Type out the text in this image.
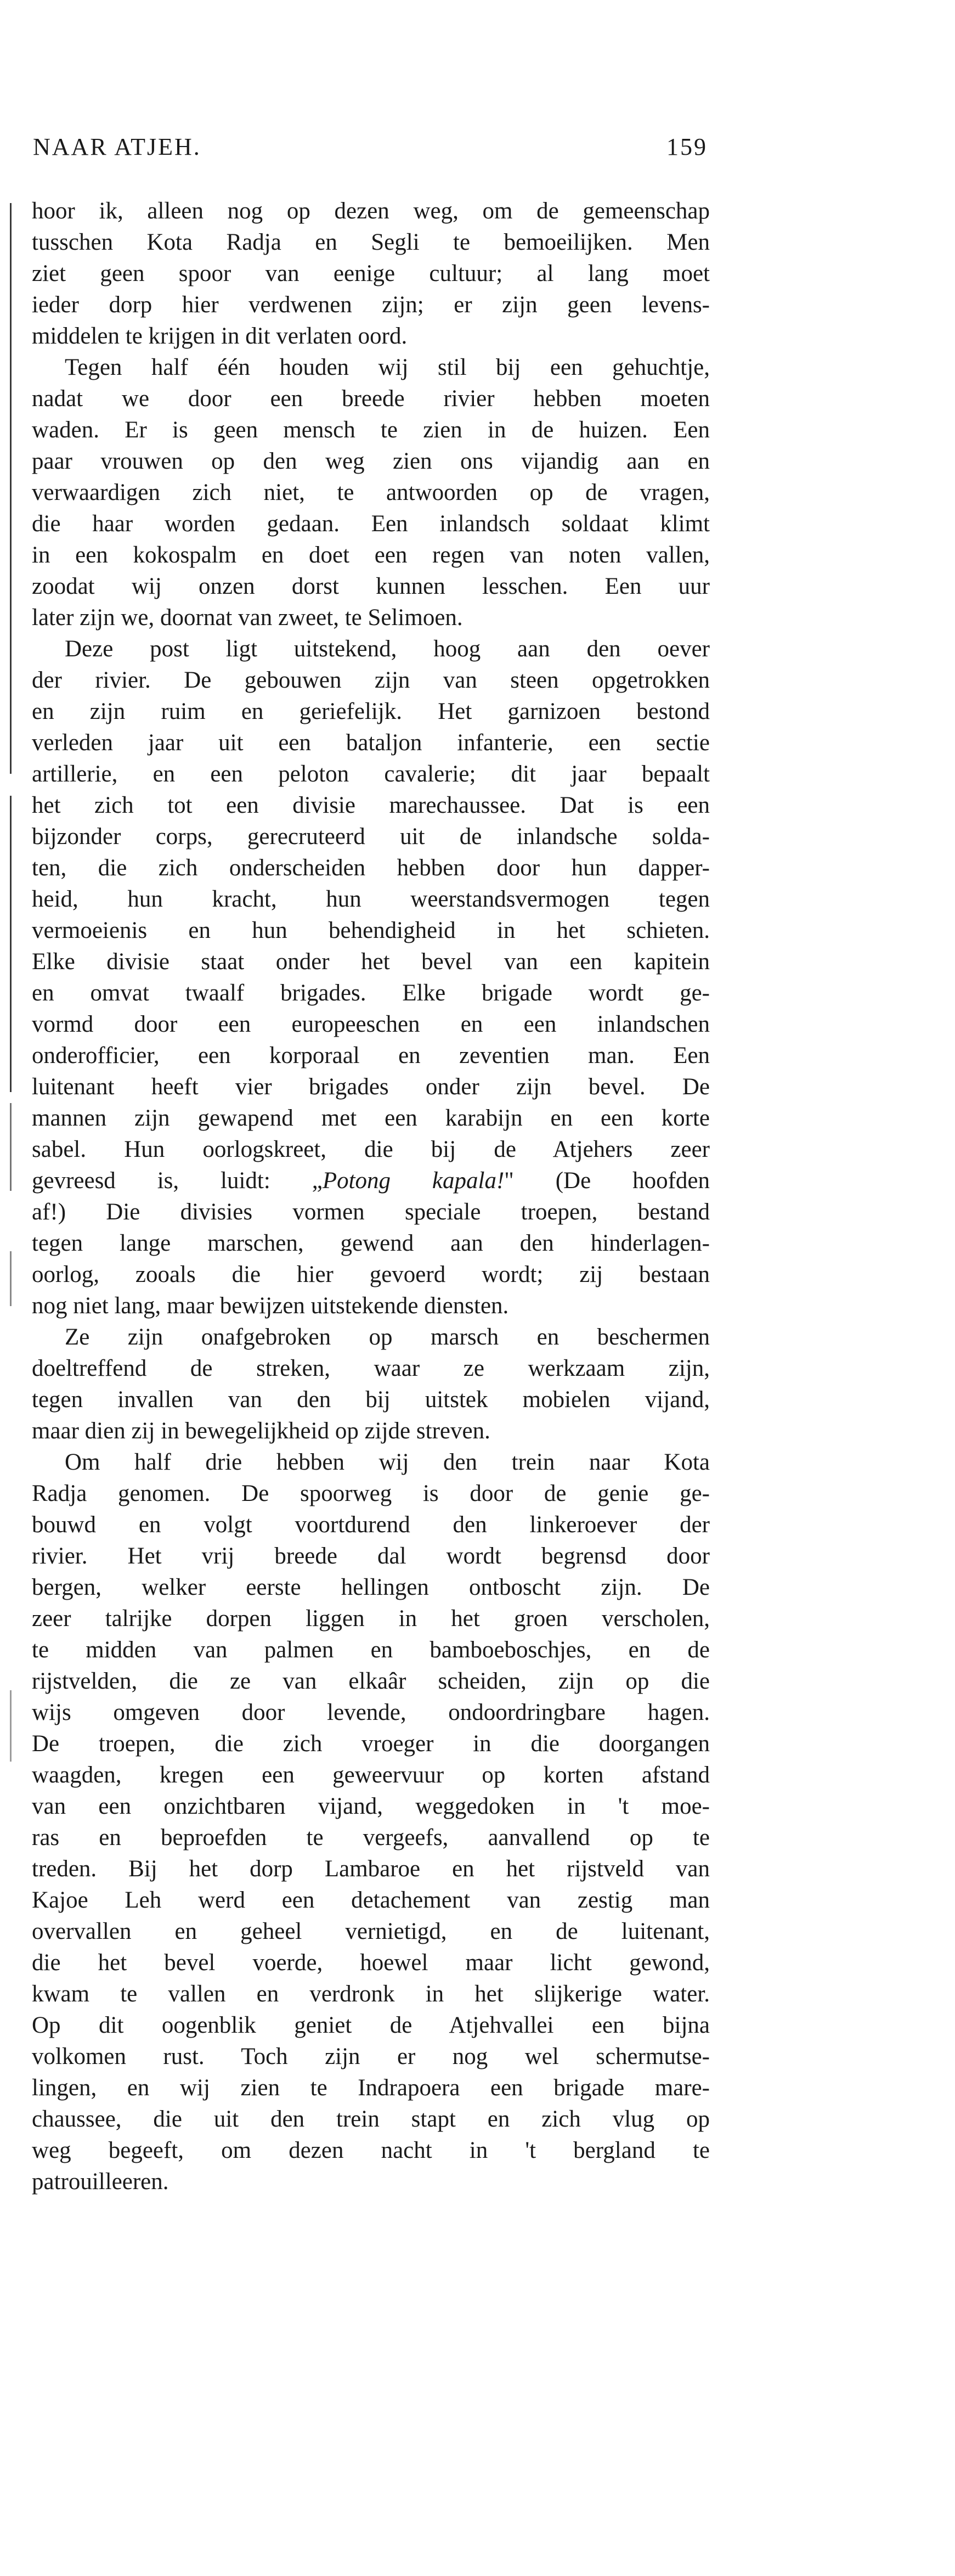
NAAR ATJEH.	159
hoor ik, alleen nog op dezen weg, om de gemeenschap
tusschen Kota Radja en Segli te bemoeilijken. Men
ziet geen spoor van eenige cultuur; al lang moet
ieder dorp hier verdwenen zijn; er zijn geen levens-
middelen te krijgen in dit verlaten oord.
Tegen half één houden wij stil bij een gehuchtje,
nadat we door een breede rivier hebben moeten
waden. Er is geen mensch te zien in de huizen. Een
paar vrouwen op den weg zien ons vijandig aan en
verwaardigen zich niet, te antwoorden op de vragen,
die haar worden gedaan. Een inlandsch soldaat klimt
in een kokospalm en doet een regen van noten vallen,
zoodat wij onzen dorst kunnen lesschen. Een uur
later zijn we, doornat van zweet, te Selimoen.
Deze post ligt uitstekend, hoog aan den oever
der rivier. De gebouwen zijn van steen opgetrokken
en zijn ruim en geriefelijk. Het garnizoen bestond
verleden jaar uit een bataljon infanterie, een sectie
artillerie, en een peloton cavalerie; dit jaar bepaalt
het zich tot een divisie marechaussee. Dat is een
bijzonder corps, gerecruteerd uit de inlandsche solda-
ten, die zich onderscheiden hebben door hun dapper-
heid, hun kracht, hun weerstandsvermogen tegen
vermoeienis en hun behendigheid in het schieten.
Elke divisie staat onder het bevel van een kapitein
en omvat twaalf brigades. Elke brigade wordt ge-
vormd door een europeeschen en een inlandschen
onderofficier, een korporaal en zeventien man. Een
luitenant heeft vier brigades onder zijn bevel. De
mannen zijn gewapend met een karabijn en een korte
sabel. Hun oorlogskreet, die bij de Atjehers zeer
gevreesd is, luidt: „Potong kapala!" (De hoofden
af!) Die divisies vormen speciale troepen, bestand
tegen lange marschen, gewend aan den hinderlagen-
oorlog, zooals die hier gevoerd wordt; zij bestaan
nog niet lang, maar bewijzen uitstekende diensten.
Ze zijn onafgebroken op marsch en beschermen
doeltreffend de streken, waar ze werkzaam zijn,
tegen invallen van den bij uitstek mobielen vijand,
maar dien zij in bewegelijkheid op zijde streven.
Om half drie hebben wij den trein naar Kota
Radja genomen. De spoorweg is door de genie ge-
bouwd en volgt voortdurend den linkeroever der
rivier. Het vrij breede dal wordt begrensd door
bergen, welker eerste hellingen ontboscht zijn. De
zeer talrijke dorpen liggen in het groen verscholen,
te midden van palmen en bamboeboschjes, en de
rijstvelden, die ze van elkaâr scheiden, zijn op die
wijs omgeven door levende, ondoordringbare hagen.
De troepen, die zich vroeger in die doorgangen
waagden, kregen een geweervuur op korten afstand
van een onzichtbaren vijand, weggedoken in 't moe-
ras en beproefden te vergeefs, aanvallend op te
treden. Bij het dorp Lambaroe en het rijstveld van
Kajoe Leh werd een detachement van zestig man
overvallen en geheel vernietigd, en de luitenant,
die het bevel voerde, hoewel maar licht gewond,
kwam te vallen en verdronk in het slijkerige water.
Op dit oogenblik geniet de Atjehvallei een bijna
volkomen rust. Toch zijn er nog wel schermutse-
lingen, en wij zien te Indrapoera een brigade mare-
chaussee, die uit den trein stapt en zich vlug op
weg begeeft, om dezen nacht in 't bergland te
patrouilleeren.
